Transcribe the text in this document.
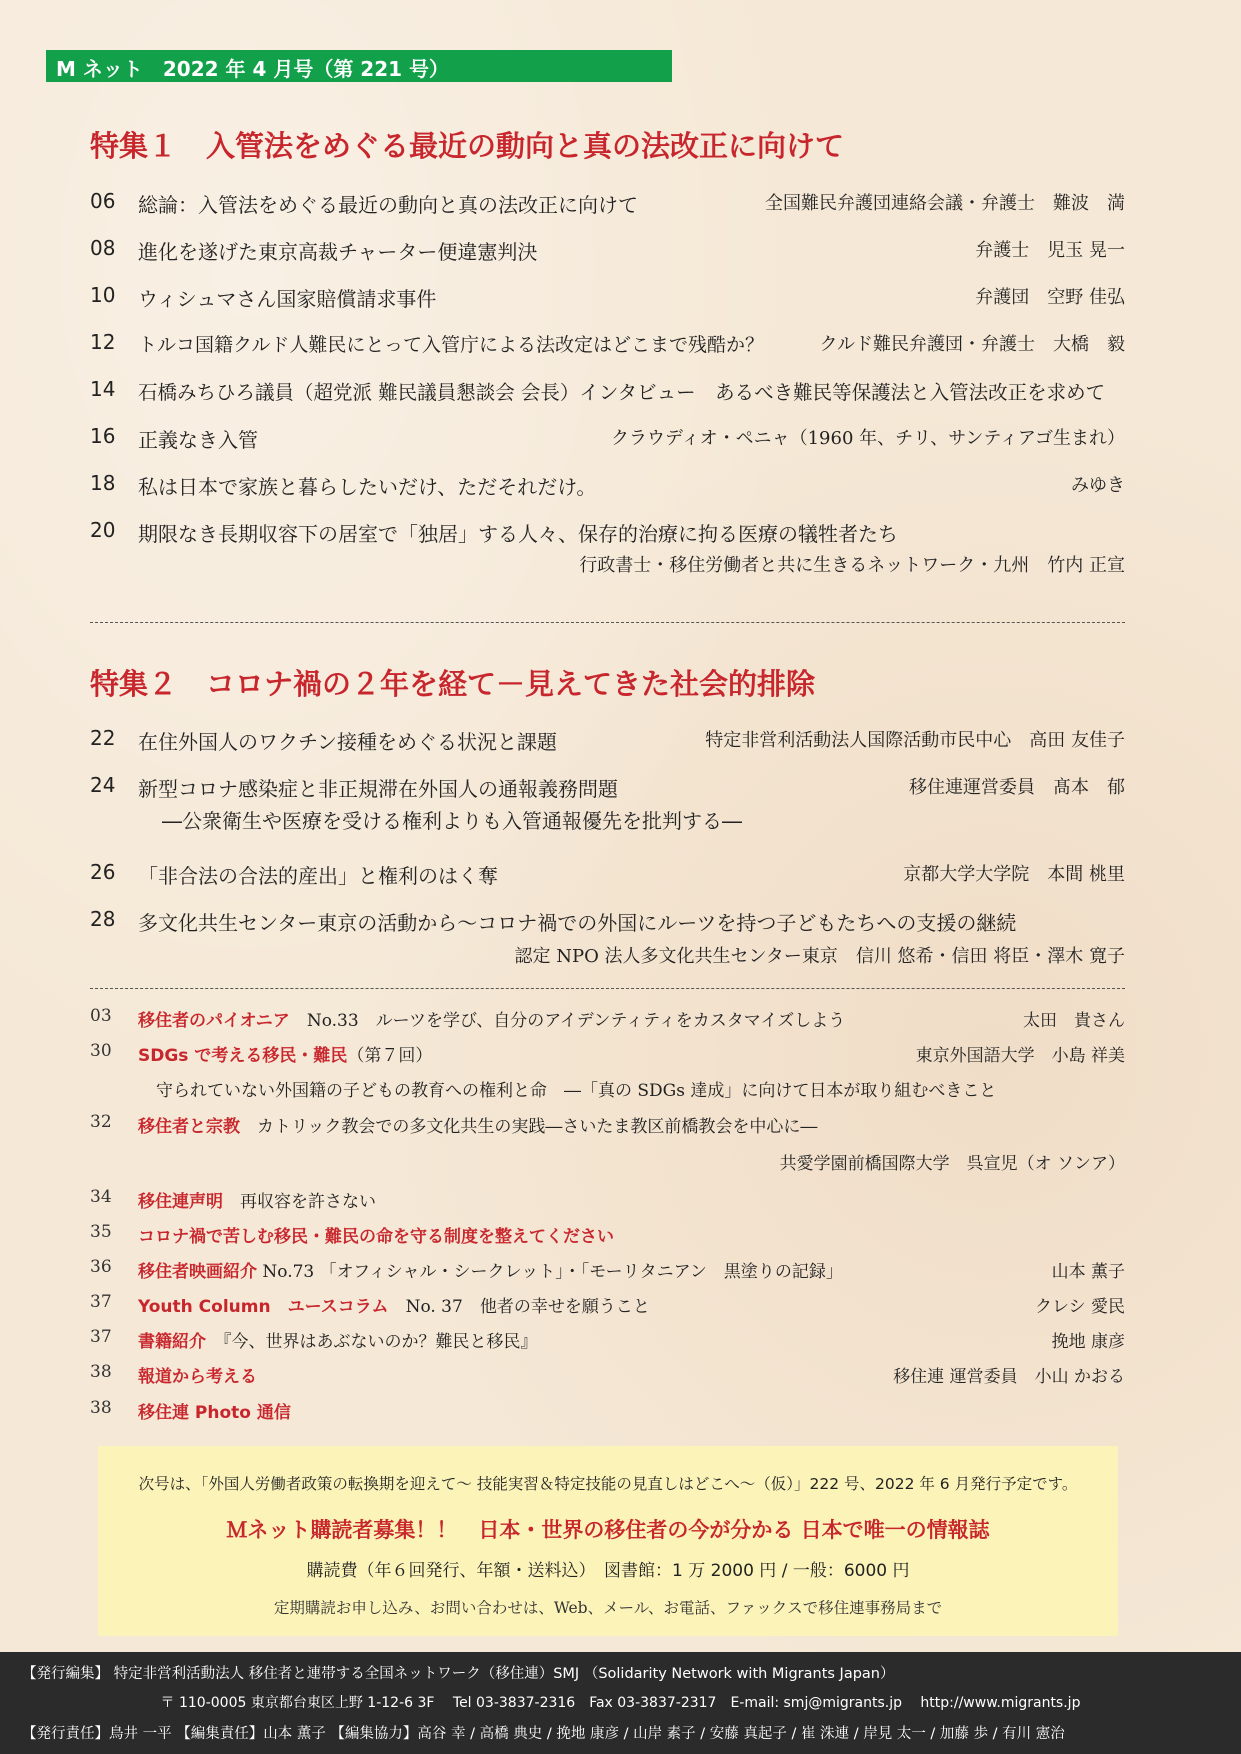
M ネット　2022 年 4 月号（第 221 号）
特集１　入管法をめぐる最近の動向と真の法改正に向けて
06	総論：入管法をめぐる最近の動向と真の法改正に向けて	全国難民弁護団連絡会議・弁護士　難波　満
08	進化を遂げた東京高裁チャーター便違憲判決	弁護士　児玉 晃一
10	ウィシュマさん国家賠償請求事件	弁護団　空野 佳弘
12	トルコ国籍クルド人難民にとって入管庁による法改定はどこまで残酷か？	クルド難民弁護団・弁護士　大橋　毅
14	石橋みちひろ議員（超党派 難民議員懇談会 会長）インタビュー　あるべき難民等保護法と入管法改正を求めて
16	正義なき入管	クラウディオ・ペニャ（1960 年、チリ、サンティアゴ生まれ）
18	私は日本で家族と暮らしたいだけ、ただそれだけ。	みゆき
20	期限なき長期収容下の居室で「独居」する人々、保存的治療に拘る医療の犠牲者たち
行政書士・移住労働者と共に生きるネットワーク・九州　竹内 正宣
特集２　コロナ禍の２年を経て－見えてきた社会的排除
22	在住外国人のワクチン接種をめぐる状況と課題	特定非営利活動法人国際活動市民中心　高田 友佳子
24	新型コロナ感染症と非正規滞在外国人の通報義務問題	移住連運営委員　髙本　郁
―公衆衛生や医療を受ける権利よりも入管通報優先を批判する―
26	「非合法の合法的産出」と権利のはく奪	京都大学大学院　本間 桃里
28	多文化共生センター東京の活動から～コロナ禍での外国にルーツを持つ子どもたちへの支援の継続
認定 NPO 法人多文化共生センター東京　信川 悠希・信田 将臣・澤木 寛子
03	移住者のパイオニア　 No.33　ルーツを学び、自分のアイデンティティをカスタマイズしよう	太田　貴さん
30	SDGs で考える移民・難民（第７回）	東京外国語大学　小島 祥美
守られていない外国籍の子どもの教育への権利と命　―「真の SDGs 達成」に向けて日本が取り組むべきこと
32	移住者と宗教　 カトリック教会での多文化共生の実践―さいたま教区前橋教会を中心に―
共愛学園前橋国際大学　呉宣児（オ ソンア）
34	移住連声明　 再収容を許さない
35	コロナ禍で苦しむ移民・難民の命を守る制度を整えてください
36	移住者映画紹介 No.73 「オフィシャル・シークレット」・「モーリタニアン　黒塗りの記録」	山本 薫子
37	Youth Column　ユースコラム　 No. 37　他者の幸せを願うこと	クレシ 愛民
37	書籍紹介　 『今、世界はあぶないのか？難民と移民』	挽地 康彦
38	報道から考える	移住連 運営委員　小山 かおる
38	移住連 Photo 通信
次号は、「外国人労働者政策の転換期を迎えて～ 技能実習＆特定技能の見直しはどこへ～（仮）」222 号、2022 年 6 月発行予定です。
Ｍネット購読者募集！！　日本・世界の移住者の今が分かる 日本で唯一の情報誌
購読費（年６回発行、年額・送料込）　図書館：1 万 2000 円 / 一般：6000 円
定期購読お申し込み、お問い合わせは、Web、メール、お電話、ファックスで移住連事務局まで
【発行編集】 特定非営利活動法人 移住者と連帯する全国ネットワーク（移住連）SMJ （Solidarity Network with Migrants Japan）
〒 110-0005 東京都台東区上野 1-12-6 3F　 Tel 03-3837-2316　Fax 03-3837-2317　E-mail: smj@migrants.jp　 http://www.migrants.jp
【発行責任】鳥井 一平 【編集責任】山本 薫子 【編集協力】高谷 幸 / 高橋 典史 / 挽地 康彦 / 山岸 素子 / 安藤 真起子 / 崔 洙連 / 岸見 太一 / 加藤 歩 / 有川 憲治
